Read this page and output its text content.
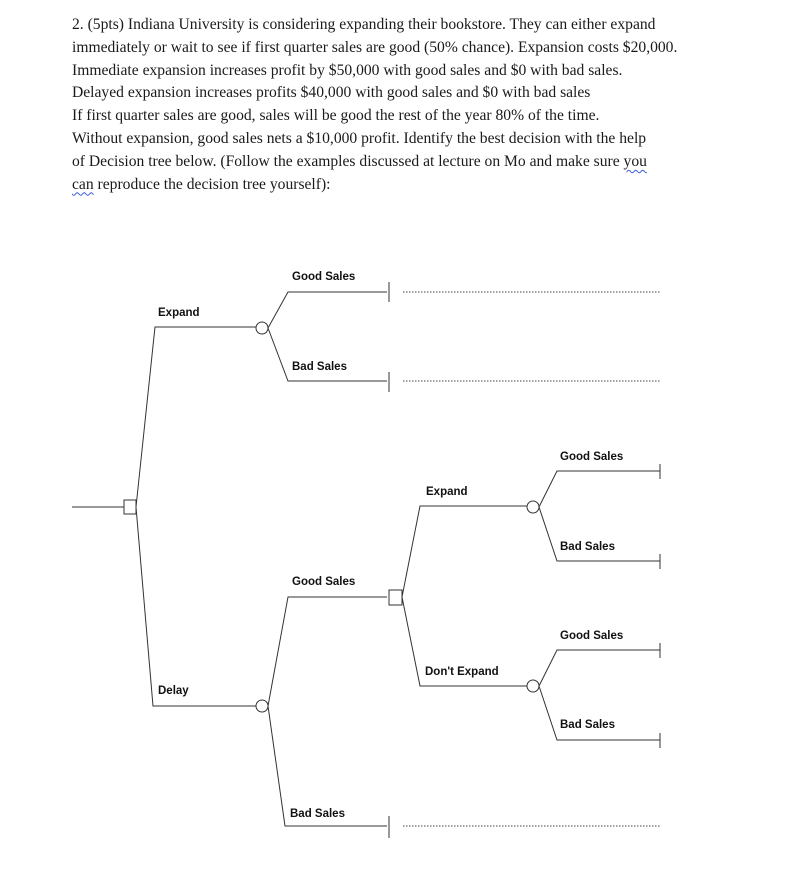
2. (5pts) Indiana University is considering expanding their bookstore. They can either expand
immediately or wait to see if first quarter sales are good (50% chance). Expansion costs $20,000.
Immediate expansion increases profit by $50,000 with good sales and $0 with bad sales.
Delayed expansion increases profits $40,000 with good sales and $0 with bad sales
If first quarter sales are good, sales will be good the rest of the year 80% of the time.
Without expansion, good sales nets a $10,000 profit. Identify the best decision with the help
of Decision tree below. (Follow the examples discussed at lecture on Mo and make sure you
can reproduce the decision tree yourself):
Expand
Delay
Good Sales
Bad Sales
Good Sales
Bad Sales
Expand
Don't Expand
Good Sales
Bad Sales
Good Sales
Bad Sales
